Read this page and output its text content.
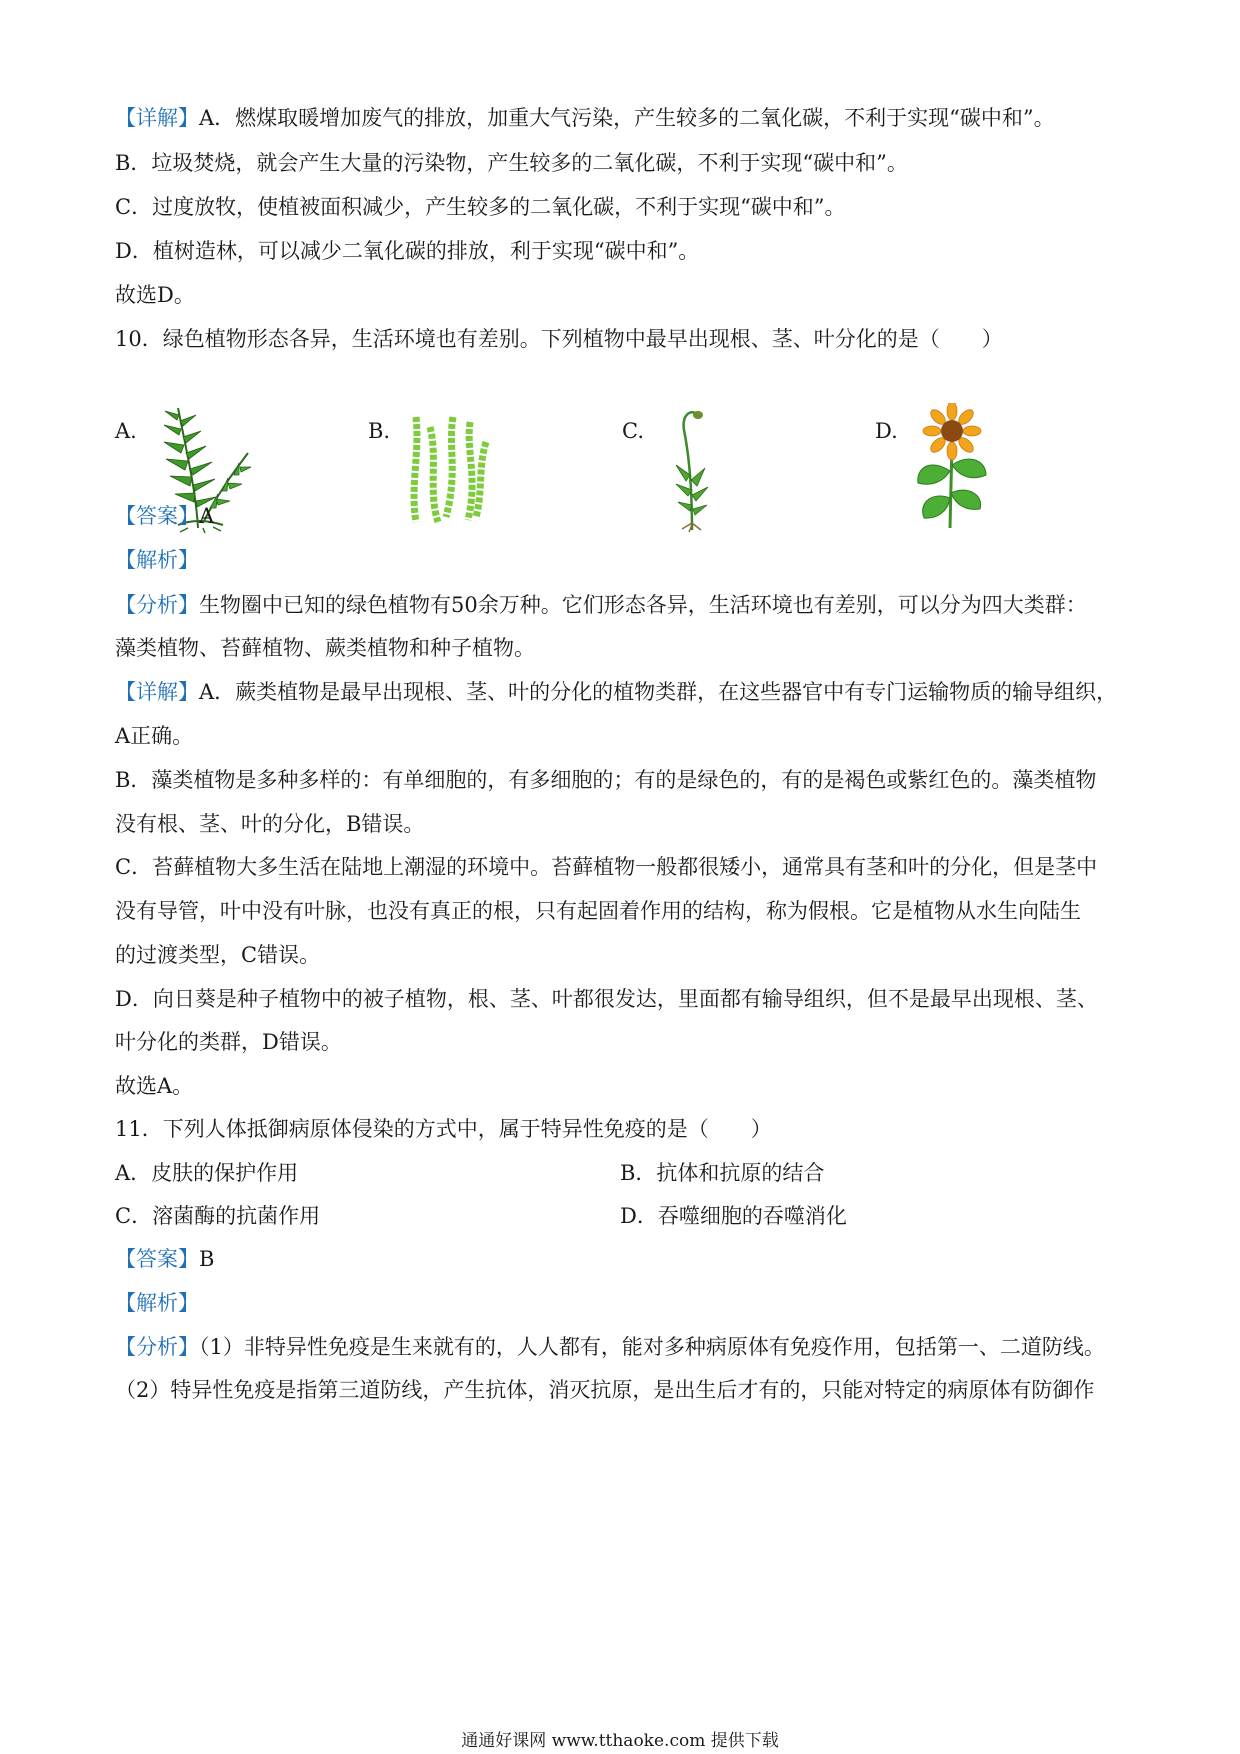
【详解】A．燃煤取暖增加废气的排放，加重大气污染，产生较多的二氧化碳，不利于实现“碳中和”。
B．垃圾焚烧，就会产生大量的污染物，产生较多的二氧化碳，不利于实现“碳中和”。
C．过度放牧，使植被面积减少，产生较多的二氧化碳，不利于实现“碳中和”。
D．植树造林，可以减少二氧化碳的排放，利于实现“碳中和”。
故选D。
10．绿色植物形态各异，生活环境也有差别。下列植物中最早出现根、茎、叶分化的是（　　）
A.	B.	C.	D.
【答案】A
【解析】
【分析】生物圈中已知的绿色植物有50余万种。它们形态各异，生活环境也有差别，可以分为四大类群：
藻类植物、苔藓植物、蕨类植物和种子植物。
【详解】A．蕨类植物是最早出现根、茎、叶的分化的植物类群，在这些器官中有专门运输物质的输导组织，
A正确。
B．藻类植物是多种多样的：有单细胞的，有多细胞的；有的是绿色的，有的是褐色或紫红色的。藻类植物
没有根、茎、叶的分化，B错误。
C．苔藓植物大多生活在陆地上潮湿的环境中。苔藓植物一般都很矮小，通常具有茎和叶的分化，但是茎中
没有导管，叶中没有叶脉，也没有真正的根，只有起固着作用的结构，称为假根。它是植物从水生向陆生
的过渡类型，C错误。
D．向日葵是种子植物中的被子植物，根、茎、叶都很发达，里面都有输导组织，但不是最早出现根、茎、
叶分化的类群，D错误。
故选A。
11．下列人体抵御病原体侵染的方式中，属于特异性免疫的是（　　）
A．皮肤的保护作用	B．抗体和抗原的结合
C．溶菌酶的抗菌作用	D．吞噬细胞的吞噬消化
【答案】B
【解析】
【分析】（1）非特异性免疫是生来就有的，人人都有，能对多种病原体有免疫作用，包括第一、二道防线。
（2）特异性免疫是指第三道防线，产生抗体，消灭抗原，是出生后才有的，只能对特定的病原体有防御作
通通好课网 www.tthaoke.com 提供下载
